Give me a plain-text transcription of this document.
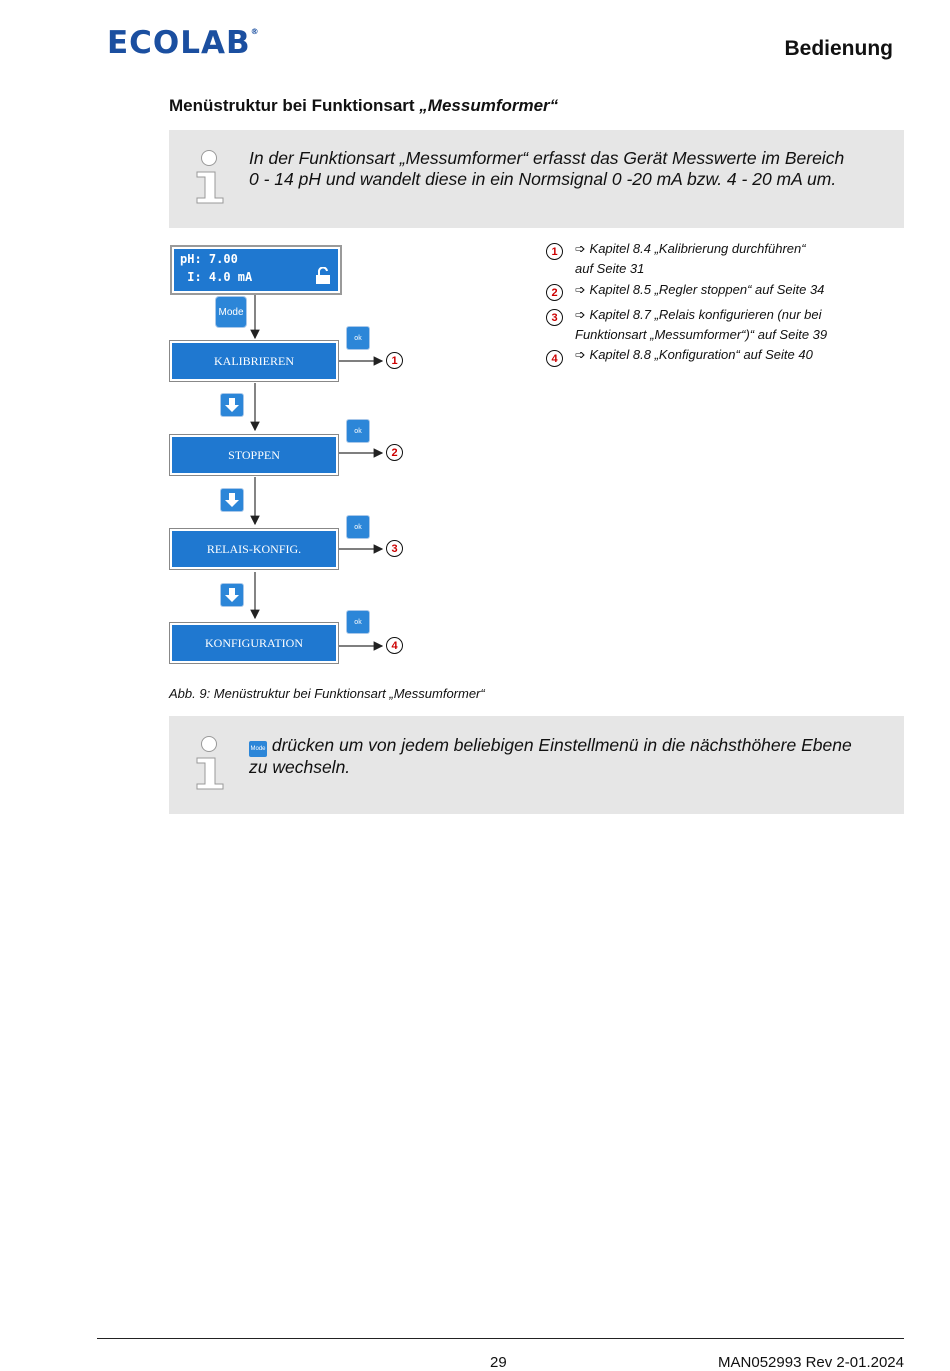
ECOLAB®
Bedienung
Menüstruktur bei Funktionsart „Messumformer“
In der Funktionsart „Messumformer“ erfasst das Gerät Messwerte im Bereich
0 - 14 pH und wandelt diese in ein Normsignal 0 -20 mA bzw. 4 - 20 mA um.
pH: 7.00
I: 4.0 mA
Mode
KALIBRIEREN
STOPPEN
RELAIS-KONFIG.
KONFIGURATION
ok
ok
ok
ok
1
2
3
4
1	➩ Kapitel 8.4 „Kalibrierung durchführen“
auf Seite 31
2	➩ Kapitel 8.5 „Regler stoppen“ auf Seite 34
3	➩ Kapitel 8.7 „Relais konfigurieren (nur bei
Funktionsart „Messumformer“)“ auf Seite 39
4	➩ Kapitel 8.8 „Konfiguration“ auf Seite 40
Abb. 9: Menüstruktur bei Funktionsart „Messumformer“
Mode drücken um von jedem beliebigen Einstellmenü in die nächsthöhere Ebene
zu wechseln.
29	MAN052993 Rev 2-01.2024
